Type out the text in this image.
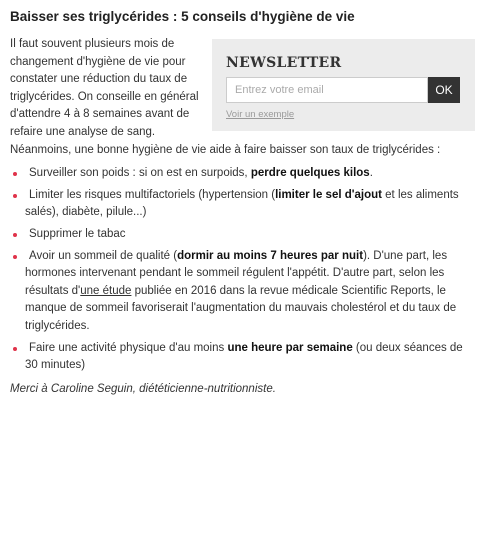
Baisser ses triglycérides : 5 conseils d'hygiène de vie
NEWSLETTER
Entrez votre email
OK
Voir un exemple

Il faut souvent plusieurs mois de changement d'hygiène de vie pour constater une réduction du taux de triglycérides. On conseille en général d'attendre 4 à 8 semaines avant de refaire une analyse de sang. Néanmoins, une bonne hygiène de vie aide à faire baisser son taux de triglycérides :

Surveiller son poids : si on est en surpoids, perdre quelques kilos.
Limiter les risques multifactoriels (hypertension (limiter le sel d'ajout et les aliments salés), diabète, pilule...)
Supprimer le tabac
Avoir un sommeil de qualité (dormir au moins 7 heures par nuit). D'une part, les hormones intervenant pendant le sommeil régulent l'appétit. D'autre part, selon les résultats d'une étude publiée en 2016 dans la revue médicale Scientific Reports, le manque de sommeil favoriserait l'augmentation du mauvais cholestérol et du taux de triglycérides.
Faire une activité physique d'au moins une heure par semaine (ou deux séances de 30 minutes)

Merci à Caroline Seguin, diététicienne-nutritionniste.
